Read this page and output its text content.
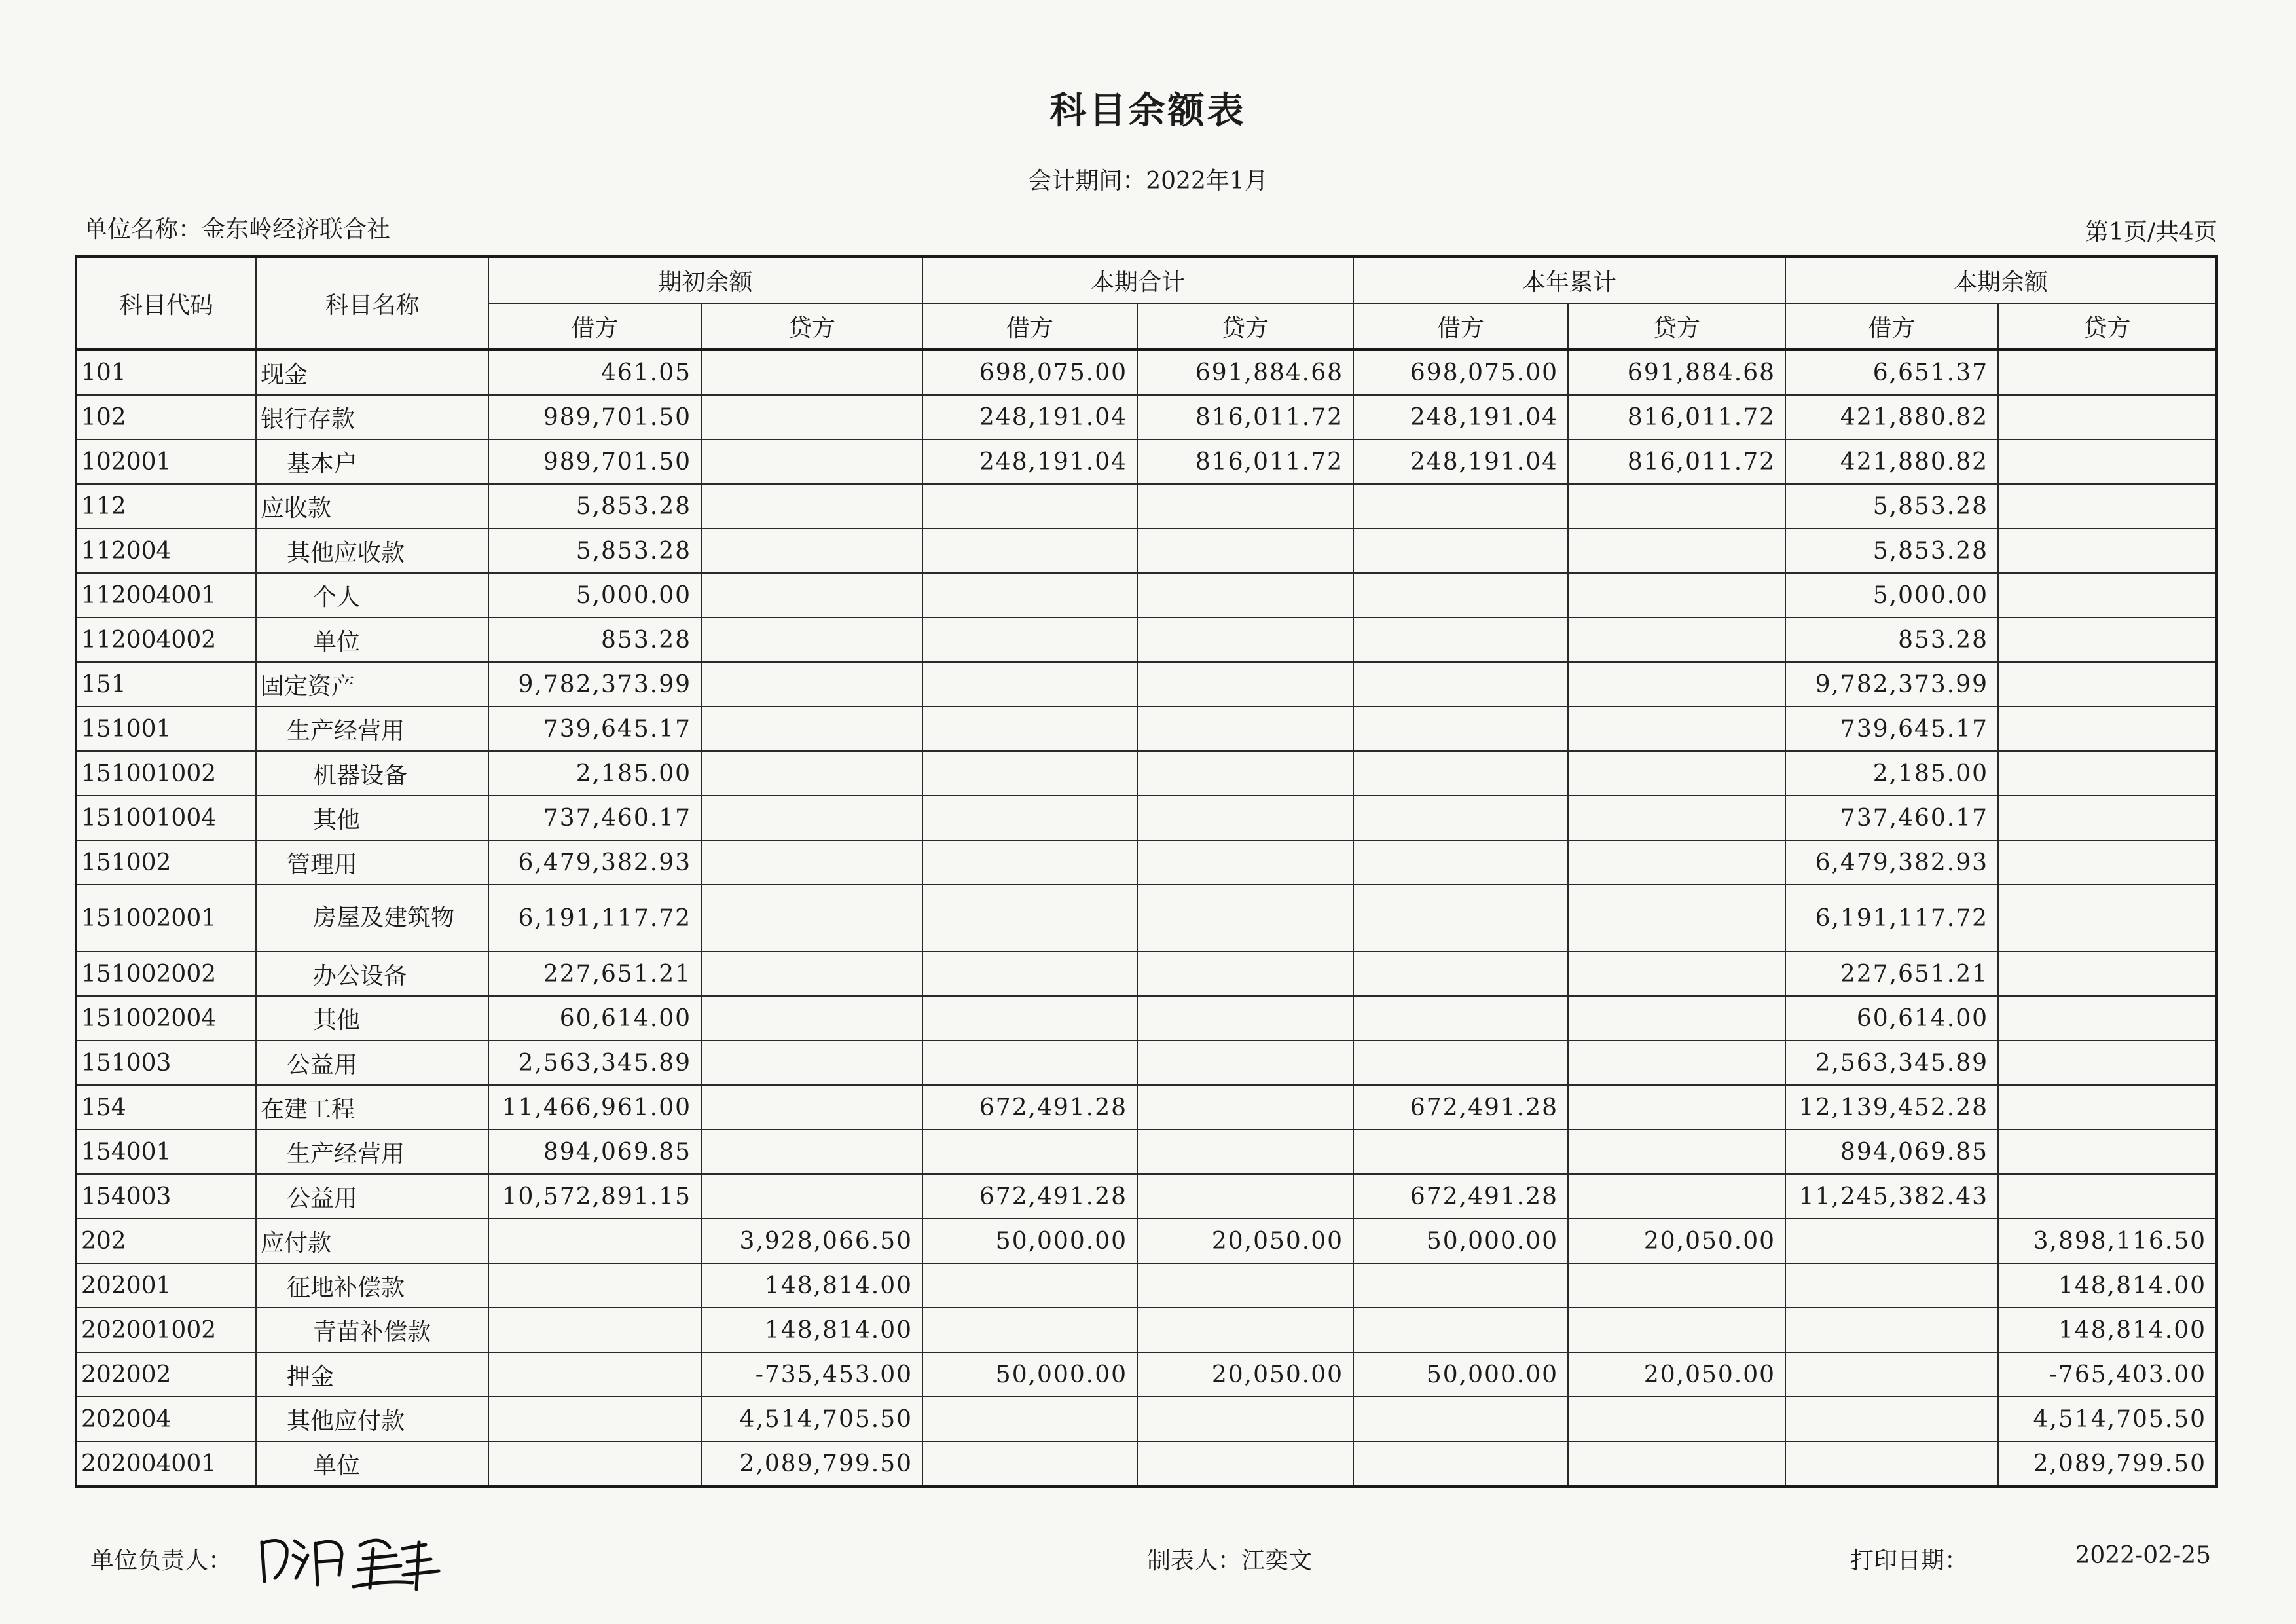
科目余额表
会计期间：2022年1月
单位名称：金东岭经济联合社	第1页/共4页
科目代码	科目名称	期初余额		本期合计		本年累计		本期余额	
		借方	贷方	借方	贷方	借方	贷方	借方	贷方
101	现金	461.05		698,075.00	691,884.68	698,075.00	691,884.68	6,651.37	
102	银行存款	989,701.50		248,191.04	816,011.72	248,191.04	816,011.72	421,880.82	
102001	基本户	989,701.50		248,191.04	816,011.72	248,191.04	816,011.72	421,880.82	
112	应收款	5,853.28						5,853.28	
112004	其他应收款	5,853.28						5,853.28	
112004001	个人	5,000.00						5,000.00	
112004002	单位	853.28						853.28	
151	固定资产	9,782,373.99						9,782,373.99	
151001	生产经营用	739,645.17						739,645.17	
151001002	机器设备	2,185.00						2,185.00	
151001004	其他	737,460.17						737,460.17	
151002	管理用	6,479,382.93						6,479,382.93	
151002001	房屋及建筑物	6,191,117.72						6,191,117.72	
151002002	办公设备	227,651.21						227,651.21	
151002004	其他	60,614.00						60,614.00	
151003	公益用	2,563,345.89						2,563,345.89	
154	在建工程	11,466,961.00		672,491.28		672,491.28		12,139,452.28	
154001	生产经营用	894,069.85						894,069.85	
154003	公益用	10,572,891.15		672,491.28		672,491.28		11,245,382.43	
202	应付款		3,928,066.50	50,000.00	20,050.00	50,000.00	20,050.00		3,898,116.50
202001	征地补偿款		148,814.00						148,814.00
202001002	青苗补偿款		148,814.00						148,814.00
202002	押金		-735,453.00	50,000.00	20,050.00	50,000.00	20,050.00		-765,403.00
202004	其他应付款		4,514,705.50						4,514,705.50
202004001	单位		2,089,799.50						2,089,799.50
单位负责人：	制表人：江奕文	打印日期：	2022-02-25
